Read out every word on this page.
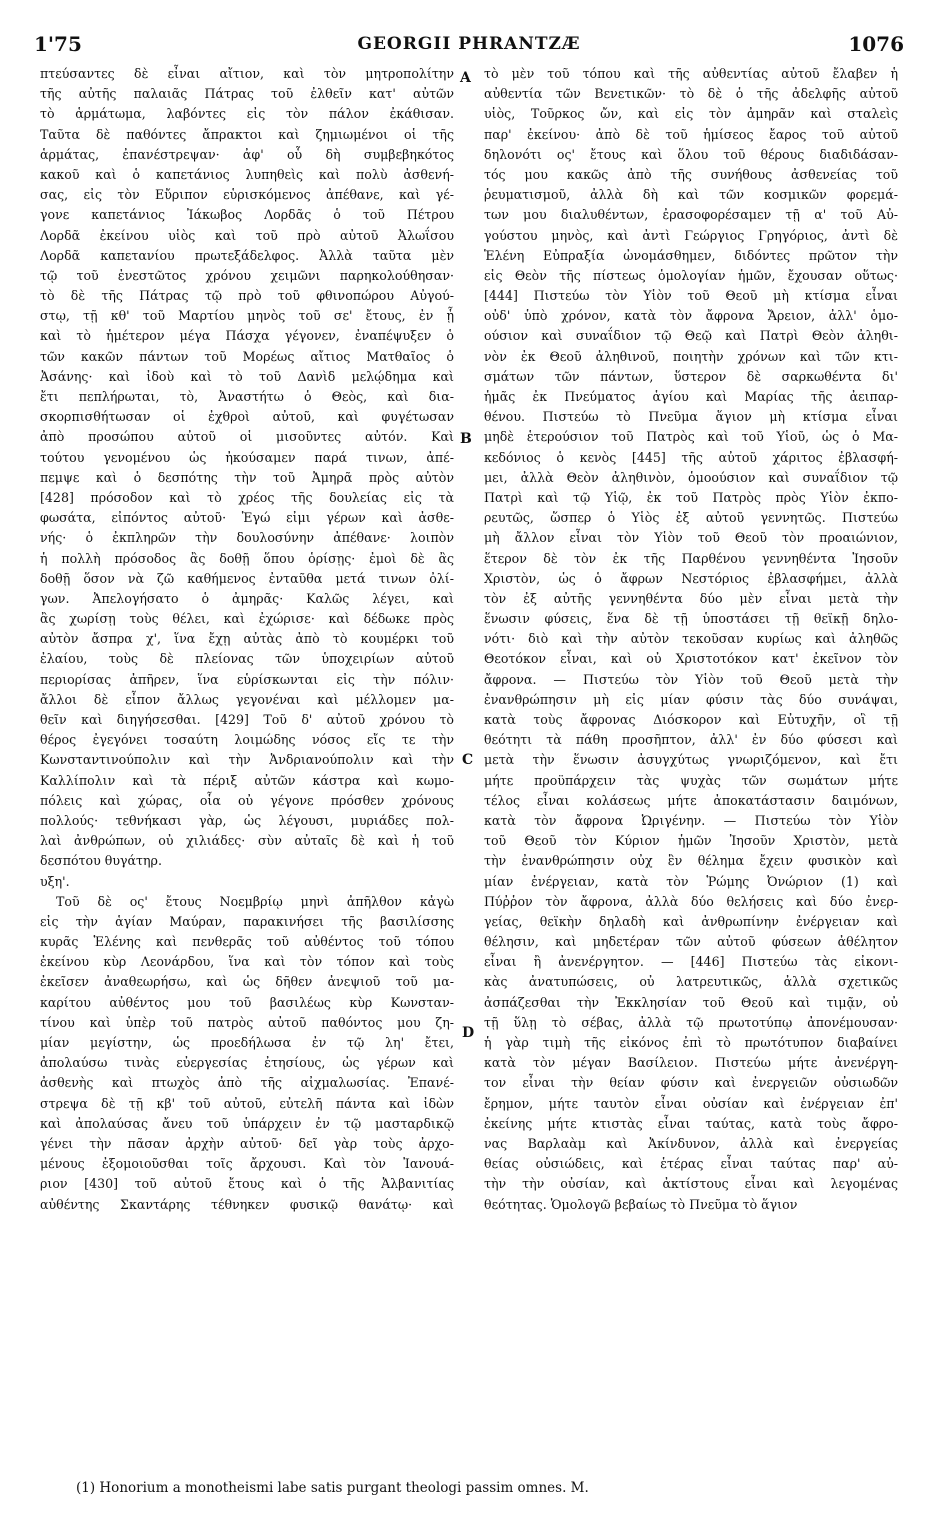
1'75	GEORGII PHRANTZÆ	1076
πτεύσαντες δὲ εἶναι αἴτιον, καὶ τὸν μητροπολίτην
τῆς αὐτῆς παλαιᾶς Πάτρας τοῦ ἐλθεῖν κατ' αὐτῶν
τὸ ἁρμάτωμα, λαβόντες εἰς τὸν πάλον ἐκάθισαν.
Ταῦτα δὲ παθόντες ἄπρακτοι καὶ ζημιωμένοι οἱ τῆς
ἁρμάτας, ἐπανέστρεψαν· ἀφ' οὗ δὴ συμβεβηκότος
κακοῦ καὶ ὁ καπετάνιος λυπηθεὶς καὶ πολὺ ἀσθενή-
σας, εἰς τὸν Εὔριπον εὑρισκόμενος ἀπέθανε, καὶ γέ-
γονε καπετάνιος Ἰάκωβος Λορδᾶς ὁ τοῦ Πέτρου
Λορδᾶ ἐκείνου υἱὸς καὶ τοῦ πρὸ αὐτοῦ Ἀλωΐσου
Λορδᾶ καπετανίου πρωτεξάδελφος. Ἀλλὰ ταῦτα μὲν
τῷ τοῦ ἐνεστῶτος χρόνου χειμῶνι παρηκολούθησαν·
τὸ δὲ τῆς Πάτρας τῷ πρὸ τοῦ φθινοπώρου Αὐγού-
στῳ, τῇ κθ' τοῦ Μαρτίου μηνὸς τοῦ σε' ἔτους, ἐν ᾗ
καὶ τὸ ἡμέτερον μέγα Πάσχα γέγονεν, ἐναπέψυξεν ὁ
τῶν κακῶν πάντων τοῦ Μορέως αἴτιος Ματθαῖος ὁ
Ἀσάνης· καὶ ἰδοὺ καὶ τὸ τοῦ Δανὶδ μελῴδημα καὶ
ἔτι πεπλήρωται, τὸ, Ἀναστήτω ὁ Θεὸς, καὶ δια-
σκορπισθήτωσαν οἱ ἐχθροὶ αὐτοῦ, καὶ φυγέτωσαν
ἀπὸ προσώπου αὐτοῦ οἱ μισοῦντες αὐτόν. Καὶ
τούτου γενομένου ὡς ἠκούσαμεν παρά τινων, ἀπέ-
πεμψε καὶ ὁ δεσπότης τὴν τοῦ Ἀμηρᾶ πρὸς αὐτὸν
[428] πρόσοδον καὶ τὸ χρέος τῆς δουλείας εἰς τὰ
φωσάτα, εἰπόντος αὐτοῦ· Ἐγώ εἰμι γέρων καὶ ἀσθε-
νής· ὁ ἐκπληρῶν τὴν δουλοσύνην ἀπέθανε· λοιπὸν
ἡ πολλὴ πρόσοδος ἂς δοθῇ ὅπου ὁρίσῃς· ἐμοὶ δὲ ἂς
δοθῇ ὅσον νὰ ζῶ καθήμενος ἐνταῦθα μετά τινων ὀλί-
γων. Ἀπελογήσατο ὁ ἀμηρᾶς· Καλῶς λέγει, καὶ
ἂς χωρίσῃ τοὺς θέλει, καὶ ἐχώρισε· καὶ δέδωκε πρὸς
αὐτὸν ἄσπρα χ', ἵνα ἔχῃ αὐτὰς ἀπὸ τὸ κουμέρκι τοῦ
ἐλαίου, τοὺς δὲ πλείονας τῶν ὑποχειρίων αὐτοῦ
περιορίσας ἀπῆρεν, ἵνα εὑρίσκωνται εἰς τὴν πόλιν·
ἄλλοι δὲ εἶπον ἄλλως γεγονέναι καὶ μέλλομεν μα-
θεῖν καὶ διηγήσεσθαι. [429] Τοῦ δ' αὐτοῦ χρόνου τὸ
θέρος ἐγεγόνει τοσαύτη λοιμώδης νόσος εἴς τε τὴν
Κωνσταντινούπολιν καὶ τὴν Ἀνδριανούπολιν καὶ τὴν
Καλλίπολιν καὶ τὰ πέριξ αὐτῶν κάστρα καὶ κωμο-
πόλεις καὶ χώρας, οἷα οὐ γέγονε πρόσθεν χρόνους
πολλούς· τεθνήκασι γὰρ, ὡς λέγουσι, μυριάδες πολ-
λαὶ ἀνθρώπων, οὐ χιλιάδες· σὺν αὐταῖς δὲ καὶ ἡ τοῦ
δεσπότου θυγάτηρ.
υξη'.
Τοῦ δὲ ος' ἔτους Νοεμβρίῳ μηνὶ ἀπῆλθον κἀγὼ
εἰς τὴν ἁγίαν Μαύραν, παρακινήσει τῆς βασιλίσσης
κυρᾶς Ἑλένης καὶ πενθερᾶς τοῦ αὐθέντος τοῦ τόπου
ἐκείνου κὺρ Λεονάρδου, ἵνα καὶ τὸν τόπον καὶ τοὺς
ἐκεῖσεν ἀναθεωρήσω, καὶ ὡς δῆθεν ἀνεψιοῦ τοῦ μα-
καρίτου αὐθέντος μου τοῦ βασιλέως κὺρ Κωνσταν-
τίνου καὶ ὑπὲρ τοῦ πατρὸς αὐτοῦ παθόντος μου ζη-
μίαν μεγίστην, ὡς προεδήλωσα ἐν τῷ λη' ἔτει,
ἀπολαύσω τινὰς εὐεργεσίας ἐτησίους, ὡς γέρων καὶ
ἀσθενὴς καὶ πτωχὸς ἀπὸ τῆς αἰχμαλωσίας. Ἐπανέ-
στρεψα δὲ τῇ κβ' τοῦ αὐτοῦ, εὐτελῆ πάντα καὶ ἰδὼν
καὶ ἀπολαύσας ἄνευ τοῦ ὑπάρχειν ἐν τῷ μασταρδικῷ
γένει τὴν πᾶσαν ἀρχὴν αὐτοῦ· δεῖ γὰρ τοὺς ἀρχο-
μένους ἐξομοιοῦσθαι τοῖς ἄρχουσι. Καὶ τὸν Ἰανουά-
ριον [430] τοῦ αὐτοῦ ἔτους καὶ ὁ τῆς Ἀλβανιτίας
αὐθέντης Σκαντάρης τέθνηκεν φυσικῷ θανάτῳ· καὶ
τὸ μὲν τοῦ τόπου καὶ τῆς αὐθεντίας αὐτοῦ ἔλαβεν ἡ
αὐθεντία τῶν Βενετικῶν· τὸ δὲ ὁ τῆς ἀδελφῆς αὐτοῦ
υἱὸς, Τοῦρκος ὤν, καὶ εἰς τὸν ἀμηρᾶν καὶ σταλεὶς
παρ' ἐκείνου· ἀπὸ δὲ τοῦ ἡμίσεος ἔαρος τοῦ αὐτοῦ
δηλονότι ος' ἔτους καὶ ὅλου τοῦ θέρους διαδιδάσαν-
τός μου κακῶς ἀπὸ τῆς συνήθους ἀσθενείας τοῦ
ῥευματισμοῦ, ἀλλὰ δὴ καὶ τῶν κοσμικῶν φορεμά-
των μου διαλυθέντων, ἐρασοφορέσαμεν τῇ α' τοῦ Αὐ-
γούστου μηνὸς, καὶ ἀντὶ Γεώργιος Γρηγόριος, ἀντὶ δὲ
Ἑλένη Εὐπραξία ὠνομάσθημεν, διδόντες πρῶτον τὴν
εἰς Θεὸν τῆς πίστεως ὁμολογίαν ἡμῶν, ἔχουσαν οὕτως·
[444] Πιστεύω τὸν Υἱὸν τοῦ Θεοῦ μὴ κτίσμα εἶναι
οὐδ' ὑπὸ χρόνον, κατὰ τὸν ἄφρονα Ἄρειον, ἀλλ' ὁμο-
ούσιον καὶ συναΐδιον τῷ Θεῷ καὶ Πατρὶ Θεὸν ἀληθι-
νὸν ἐκ Θεοῦ ἀληθινοῦ, ποιητὴν χρόνων καὶ τῶν κτι-
σμάτων τῶν πάντων, ὕστερον δὲ σαρκωθέντα δι'
ἡμᾶς ἐκ Πνεύματος ἁγίου καὶ Μαρίας τῆς ἀειπαρ-
θένου. Πιστεύω τὸ Πνεῦμα ἅγιον μὴ κτίσμα εἶναι
μηδὲ ἑτερούσιον τοῦ Πατρὸς καὶ τοῦ Υἱοῦ, ὡς ὁ Μα-
κεδόνιος ὁ κενὸς [445] τῆς αὐτοῦ χάριτος ἐβλασφή-
μει, ἀλλὰ Θεὸν ἀληθινὸν, ὁμοούσιον καὶ συναΐδιον τῷ
Πατρὶ καὶ τῷ Υἱῷ, ἐκ τοῦ Πατρὸς πρὸς Υἱὸν ἐκπο-
ρευτῶς, ὥσπερ ὁ Υἱὸς ἐξ αὐτοῦ γεννητῶς. Πιστεύω
μὴ ἄλλον εἶναι τὸν Υἱὸν τοῦ Θεοῦ τὸν προαιώνιον,
ἕτερον δὲ τὸν ἐκ τῆς Παρθένου γεννηθέντα Ἰησοῦν
Χριστὸν, ὡς ὁ ἄφρων Νεστόριος ἐβλασφήμει, ἀλλὰ
τὸν ἐξ αὐτῆς γεννηθέντα δύο μὲν εἶναι μετὰ τὴν
ἕνωσιν φύσεις, ἕνα δὲ τῇ ὑποστάσει τῇ θεϊκῇ δηλο-
νότι· διὸ καὶ τὴν αὐτὸν τεκοῦσαν κυρίως καὶ ἀληθῶς
Θεοτόκον εἶναι, καὶ οὐ Χριστοτόκον κατ' ἐκεῖνον τὸν
ἄφρονα. — Πιστεύω τὸν Υἱὸν τοῦ Θεοῦ μετὰ τὴν
ἐνανθρώπησιν μὴ εἰς μίαν φύσιν τὰς δύο συνάψαι,
κατὰ τοὺς ἄφρονας Διόσκορον καὶ Εὐτυχῆν, οἳ τῇ
θεότητι τὰ πάθη προσῆπτον, ἀλλ' ἐν δύο φύσεσι καὶ
μετὰ τὴν ἕνωσιν ἀσυγχύτως γνωριζόμενον, καὶ ἔτι
μήτε προϋπάρχειν τὰς ψυχὰς τῶν σωμάτων μήτε
τέλος εἶναι κολάσεως μήτε ἀποκατάστασιν δαιμόνων,
κατὰ τὸν ἄφρονα Ὠριγένην. — Πιστεύω τὸν Υἱὸν
τοῦ Θεοῦ τὸν Κύριον ἡμῶν Ἰησοῦν Χριστὸν, μετὰ
τὴν ἐνανθρώπησιν οὐχ ἓν θέλημα ἔχειν φυσικὸν καὶ
μίαν ἐνέργειαν, κατὰ τὸν Ῥώμης Ὀνώριον (1) καὶ
Πύῤῥον τὸν ἄφρονα, ἀλλὰ δύο θελήσεις καὶ δύο ἐνερ-
γείας, θεϊκὴν δηλαδὴ καὶ ἀνθρωπίνην ἐνέργειαν καὶ
θέλησιν, καὶ μηδετέραν τῶν αὐτοῦ φύσεων ἀθέλητον
εἶναι ἢ ἀνενέργητον. — [446] Πιστεύω τὰς εἰκονι-
κὰς ἀνατυπώσεις, οὐ λατρευτικῶς, ἀλλὰ σχετικῶς
ἀσπάζεσθαι τὴν Ἐκκλησίαν τοῦ Θεοῦ καὶ τιμᾷν, οὐ
τῇ ὕλῃ τὸ σέβας, ἀλλὰ τῷ πρωτοτύπῳ ἀπονέμουσαν·
ἡ γὰρ τιμὴ τῆς εἰκόνος ἐπὶ τὸ πρωτότυπον διαβαίνει
κατὰ τὸν μέγαν Βασίλειον. Πιστεύω μήτε ἀνενέργη-
τον εἶναι τὴν θείαν φύσιν καὶ ἐνεργειῶν οὐσιωδῶν
ἔρημον, μήτε ταυτὸν εἶναι οὐσίαν καὶ ἐνέργειαν ἐπ'
ἐκείνης μήτε κτιστὰς εἶναι ταύτας, κατὰ τοὺς ἄφρο-
νας Βαρλαὰμ καὶ Ἀκίνδυνον, ἀλλὰ καὶ ἐνεργείας
θείας οὐσιώδεις, καὶ ἑτέρας εἶναι ταύτας παρ' αὐ-
τὴν τὴν οὐσίαν, καὶ ἀκτίστους εἶναι καὶ λεγομένας
θεότητας. Ὁμολογῶ βεβαίως τὸ Πνεῦμα τὸ ἅγιον
A
B
C
D
(1) Honorium a monotheismi labe satis purgant theologi passim omnes. M.
